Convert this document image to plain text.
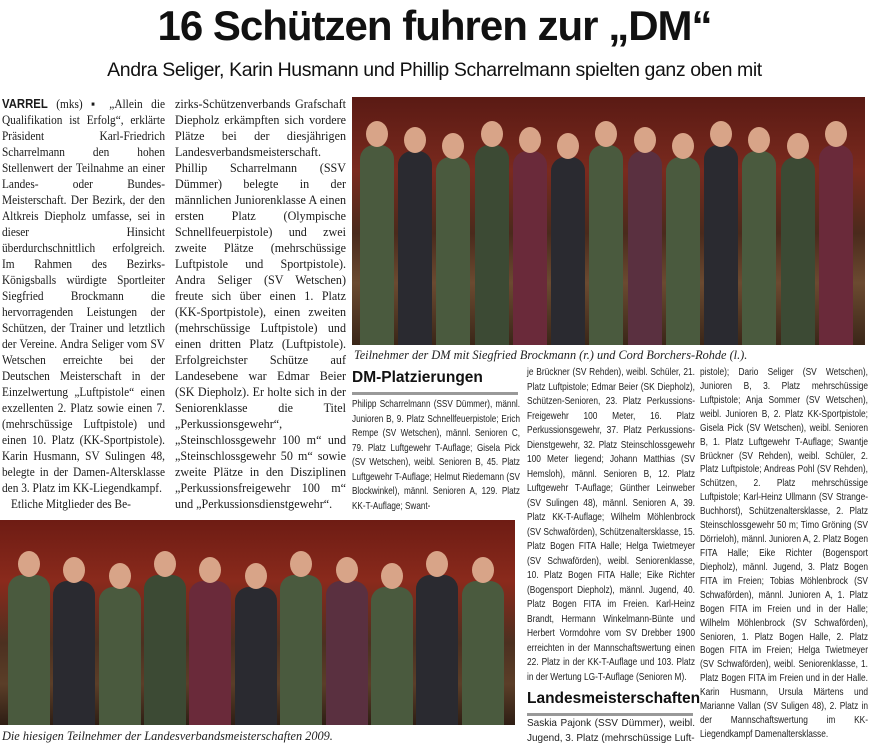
16 Schützen fuhren zur „DM“
Andra Seliger, Karin Husmann und Phillip Scharrelmann spielten ganz oben mit

VARREL (mks) ▪ „Allein die Qualifikation ist Erfolg“, erklärte Präsident Karl-Friedrich Scharrelmann den hohen Stellenwert der Teilnahme an einer Landes- oder Bundes-Meisterschaft. Der Bezirk, der den Altkreis Diepholz umfasse, sei in dieser Hinsicht überdurchschnittlich erfolgreich. Im Rahmen des Bezirks-Königsballs würdigte Sportleiter Siegfried Brockmann die hervorragenden Leistungen der Schützen, der Trainer und letztlich der Vereine. Andra Seliger vom SV Wetschen erreichte bei der Deutschen Meisterschaft in der Einzelwertung „Luftpistole“ einen exzellenten 2. Platz sowie einen 7. (mehrschüssige Luftpistole) und einen 10. Platz (KK-Sportpistole). Karin Husmann, SV Sulingen 48, belegte in der Damen-Altersklasse den 3. Platz im KK-Liegendkampf.

Etliche Mitglieder des Be-

zirks-Schützenverbands Grafschaft Diepholz erkämpften sich vordere Plätze bei der diesjährigen Landesverbandsmeisterschaft. Phillip Scharrelmann (SSV Dümmer) belegte in der männlichen Juniorenklasse A einen ersten Platz (Olympische Schnellfeuerpistole) und zwei zweite Plätze (mehrschüssige Luftpistole und Sportpistole). Andra Seliger (SV Wetschen) freute sich über einen 1. Platz (KK-Sportpistole), einen zweiten (mehrschüssige Luftpistole) und einen dritten Platz (Luftpistole). Erfolgreichster Schütze auf Landesebene war Edmar Beier (SK Diepholz). Er holte sich in der Seniorenklasse die Titel „Perkussionsgewehr“, „Steinschlossgewehr 100 m“ und „Steinschlossgewehr 50 m“ sowie zweite Plätze in den Disziplinen „Perkussionsfreigewehr 100 m“ und „Perkussionsdienstgewehr“.

Teilnehmer der DM mit Siegfried Brockmann (r.) und Cord Borchers-Rohde (l.).
DM-Platzierungen

Philipp Scharrelmann (SSV Dümmer), männl. Junioren B, 9. Platz Schnellfeuerpistole; Erich Rempe (SV Wetschen), männl. Senioren C, 79. Platz Luftgewehr T-Auflage; Gisela Pick (SV Wetschen), weibl. Senioren B, 45. Platz Luftgewehr T-Auflage; Helmut Riedemann (SV Blockwinkel), männl. Senioren A, 129. Platz KK-T-Auflage; Swant-

je Brückner (SV Rehden), weibl. Schüler, 21. Platz Luftpistole; Edmar Beier (SK Diepholz), Schützen-Senioren, 23. Platz Perkussions-Freigewehr 100 Meter, 16. Platz Perkussionsgewehr, 37. Platz Perkussions-Dienstgewehr, 32. Platz Steinschlossgewehr 100 Meter liegend; Johann Matthias (SV Hemsloh), männl. Senioren B, 12. Platz Luftgewehr T-Auflage; Günther Leinweber (SV Sulingen 48), männl. Senioren A, 39. Platz KK-T-Auflage; Wilhelm Möhlenbrock (SV Schwaförden), Schützenaltersklasse, 15. Platz Bogen FITA Halle; Helga Twietmeyer (SV Schwaförden), weibl. Seniorenklasse, 10. Platz Bogen FITA Halle; Eike Richter (Bogensport Diepholz), männl. Jugend, 40. Platz Bogen FITA im Freien. Karl-Heinz Brandt, Hermann Winkelmann-Bünte und Herbert Vormdohre vom SV Drebber 1900 erreichten in der Mannschaftswertung einen 22. Platz in der KK-T-Auflage und 103. Platz in der Wertung LG-T-Auflage (Senioren M).

Landesmeisterschaften

Saskia Pajonk (SSV Dümmer), weibl. Jugend, 3. Platz (mehrschüssige Luft-

pistole); Dario Seliger (SV Wetschen), Junioren B, 3. Platz mehrschüssige Luftpistole; Anja Sommer (SV Wetschen), weibl. Junioren B, 2. Platz KK-Sportpistole; Gisela Pick (SV Wetschen), weibl. Senioren B, 1. Platz Luftgewehr T-Auflage; Swantje Brückner (SV Rehden), weibl. Schüler, 2. Platz Luftpistole; Andreas Pohl (SV Rehden), Schützen, 2. Platz mehrschüssige Luftpistole; Karl-Heinz Ullmann (SV Strange-Buchhorst), Schützenaltersklasse, 2. Platz Steinschlossgewehr 50 m; Timo Gröning (SV Dörrieloh), männl. Junioren A, 2. Platz Bogen FITA Halle; Eike Richter (Bogensport Diepholz), männl. Jugend, 3. Platz Bogen FITA im Freien; Tobias Möhlenbrock (SV Schwaförden), männl. Junioren A, 1. Platz Bogen FITA im Freien und in der Halle; Wilhelm Möhlenbrock (SV Schwaförden), Senioren, 1. Platz Bogen Halle, 2. Platz Bogen FITA im Freien; Helga Twietmeyer (SV Schwaförden), weibl. Seniorenklasse, 1. Platz Bogen FITA im Freien und in der Halle. Karin Husmann, Ursula Märtens und Marianne Vallan (SV Suligen 48), 2. Platz in der Mannschaftswertung im KK-Liegendkampf Damenaltersklasse.

Die hiesigen Teilnehmer der Landesverbandsmeisterschaften 2009.
